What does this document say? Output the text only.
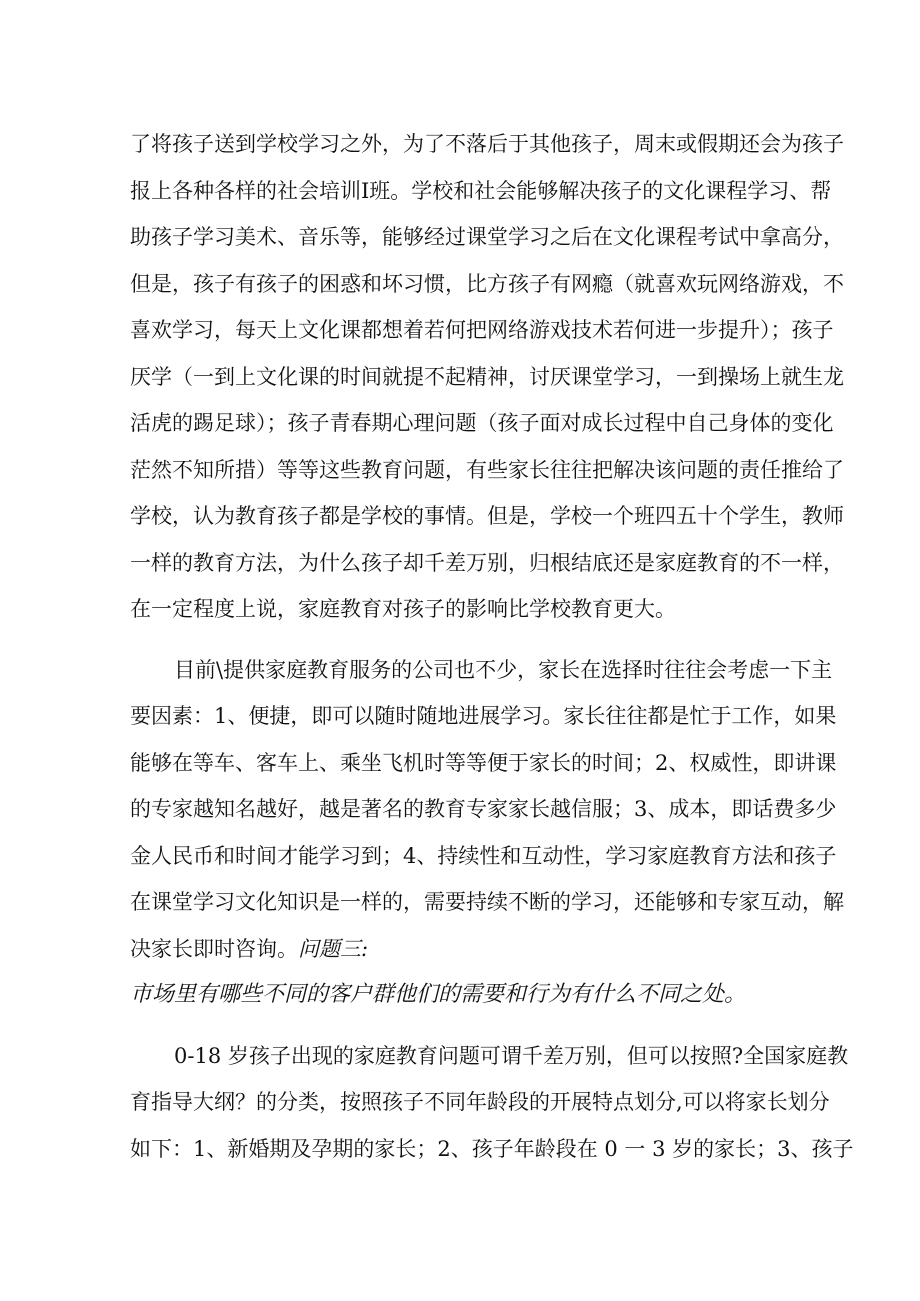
了将孩子送到学校学习之外，为了不落后于其他孩子，周末或假期还会为孩子
报上各种各样的社会培训Ⅰ班。学校和社会能够解决孩子的文化课程学习、帮
助孩子学习美术、音乐等，能够经过课堂学习之后在文化课程考试中拿高分，
但是，孩子有孩子的困惑和坏习惯，比方孩子有网瘾（就喜欢玩网络游戏，不
喜欢学习，每天上文化课都想着若何把网络游戏技术若何进一步提升）；孩子
厌学（一到上文化课的时间就提不起精神，讨厌课堂学习，一到操场上就生龙
活虎的踢足球）；孩子青春期心理问题（孩子面对成长过程中自己身体的变化
茫然不知所措）等等这些教育问题，有些家长往往把解决该问题的责任推给了
学校，认为教育孩子都是学校的事情。但是，学校一个班四五十个学生，教师
一样的教育方法，为什么孩子却千差万别，归根结底还是家庭教育的不一样，
在一定程度上说，家庭教育对孩子的影响比学校教育更大。
目前\提供家庭教育服务的公司也不少，家长在选择时往往会考虑一下主
要因素：1、便捷，即可以随时随地进展学习。家长往往都是忙于工作，如果
能够在等车、客车上、乘坐飞机时等等便于家长的时间；2、权威性，即讲课
的专家越知名越好，越是著名的教育专家家长越信服；3、成本，即话费多少
金人民币和时间才能学习到；4、持续性和互动性，学习家庭教育方法和孩子
在课堂学习文化知识是一样的，需要持续不断的学习，还能够和专家互动，解
决家长即时咨询。问题三:
市场里有哪些不同的客户群他们的需要和行为有什么不同之处。
0-18 岁孩子出现的家庭教育问题可谓千差万别，但可以按照?全国家庭教
育指导大纲？的分类，按照孩子不同年龄段的开展特点划分,可以将家长划分
如下：1、新婚期及孕期的家长；2、孩子年龄段在 0 一 3 岁的家长；3、孩子
